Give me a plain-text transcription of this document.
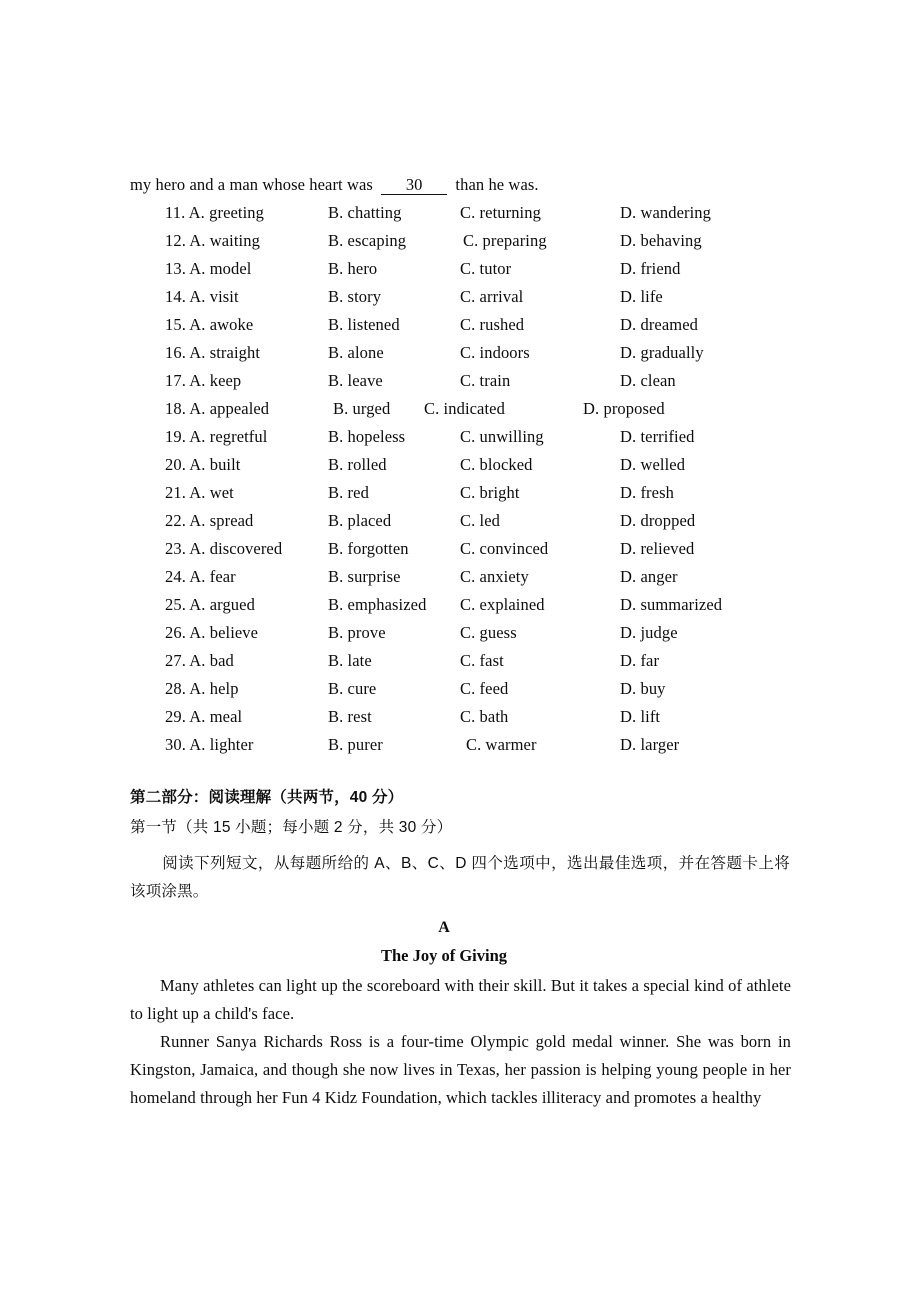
my hero and a man whose heart was 30 than he was.
11. A. greeting	B. chatting	C. returning	D. wandering
12. A. waiting	B. escaping	C. preparing	D. behaving
13. A. model	B. hero	C. tutor	D. friend
14. A. visit	B. story	C. arrival	D. life
15. A. awoke	B. listened	C. rushed	D. dreamed
16. A. straight	B. alone	C. indoors	D. gradually
17. A. keep	B. leave	C. train	D. clean
18. A. appealed	B. urged C. indicated	D. proposed
19. A. regretful	B. hopeless	C. unwilling	D. terrified
20. A. built	B. rolled	C. blocked	D. welled
21. A. wet	B. red	C. bright	D. fresh
22. A. spread	B. placed	C. led	D. dropped
23. A. discovered	B. forgotten	C. convinced	D. relieved
24. A. fear	B. surprise	C. anxiety	D. anger
25. A. argued	B. emphasized C. explained	D. summarized
26. A. believe	B. prove	C. guess	D. judge
27. A. bad	B. late	C. fast	D. far
28. A. help	B. cure	C. feed	D. buy
29. A. meal	B. rest	C. bath	D. lift
30. A. lighter	B. purer	C. warmer	D. larger
第二部分：阅读理解（共两节，40 分）
第一节（共 15 小题；每小题 2 分，共 30 分）
阅读下列短文，从每题所给的 A、B、C、D 四个选项中，选出最佳选项，并在答题卡上将该项涂黑。
A
The Joy of Giving
Many athletes can light up the scoreboard with their skill. But it takes a special kind of athlete to light up a child's face.
Runner Sanya Richards Ross is a four-time Olympic gold medal winner. She was born in Kingston, Jamaica, and though she now lives in Texas, her passion is helping young people in her homeland through her Fun 4 Kidz Foundation, which tackles illiteracy and promotes a healthy
